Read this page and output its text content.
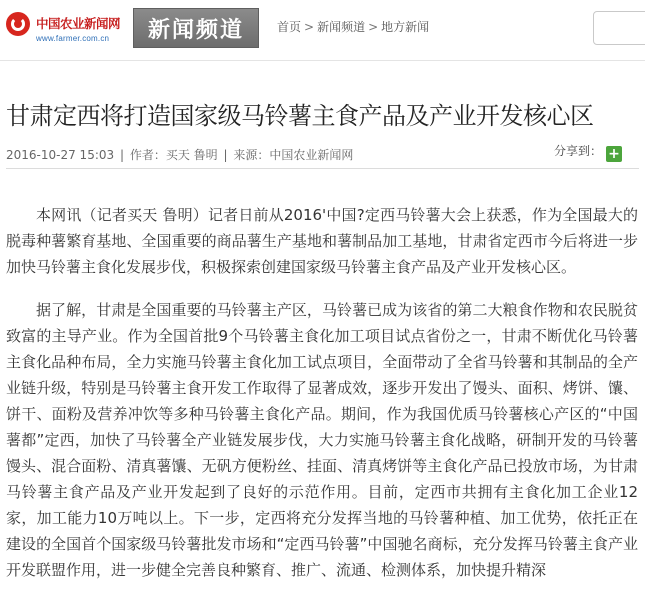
中国农业新闻网
www.farmer.com.cn	新闻频道	首页 > 新闻频道 > 地方新闻
甘肃定西将打造国家级马铃薯主食产品及产业开发核心区
2016-10-27 15:03 | 作者：买天 鲁明 | 来源：中国农业新闻网	分享到： +

本网讯（记者买天 鲁明）记者日前从2016'中国?定西马铃薯大会上获悉，作为全国最大的脱毒种薯繁育基地、全国重要的商品薯生产基地和薯制品加工基地，甘肃省定西市今后将进一步加快马铃薯主食化发展步伐，积极探索创建国家级马铃薯主食产品及产业开发核心区。

据了解，甘肃是全国重要的马铃薯主产区，马铃薯已成为该省的第二大粮食作物和农民脱贫致富的主导产业。作为全国首批9个马铃薯主食化加工项目试点省份之一，甘肃不断优化马铃薯主食化品种布局，全力实施马铃薯主食化加工试点项目，全面带动了全省马铃薯和其制品的全产业链升级，特别是马铃薯主食开发工作取得了显著成效，逐步开发出了馒头、面积、烤饼、馕、饼干、面粉及营养冲饮等多种马铃薯主食化产品。期间，作为我国优质马铃薯核心产区的“中国薯都”定西，加快了马铃薯全产业链发展步伐，大力实施马铃薯主食化战略，研制开发的马铃薯馒头、混合面粉、清真薯馕、无矾方便粉丝、挂面、清真烤饼等主食化产品已投放市场，为甘肃马铃薯主食产品及产业开发起到了良好的示范作用。目前，定西市共拥有主食化加工企业12家，加工能力10万吨以上。下一步，定西将充分发挥当地的马铃薯种植、加工优势，依托正在建设的全国首个国家级马铃薯批发市场和“定西马铃薯”中国驰名商标，充分发挥马铃薯主食产业开发联盟作用，进一步健全完善良种繁育、推广、流通、检测体系，加快提升精深
